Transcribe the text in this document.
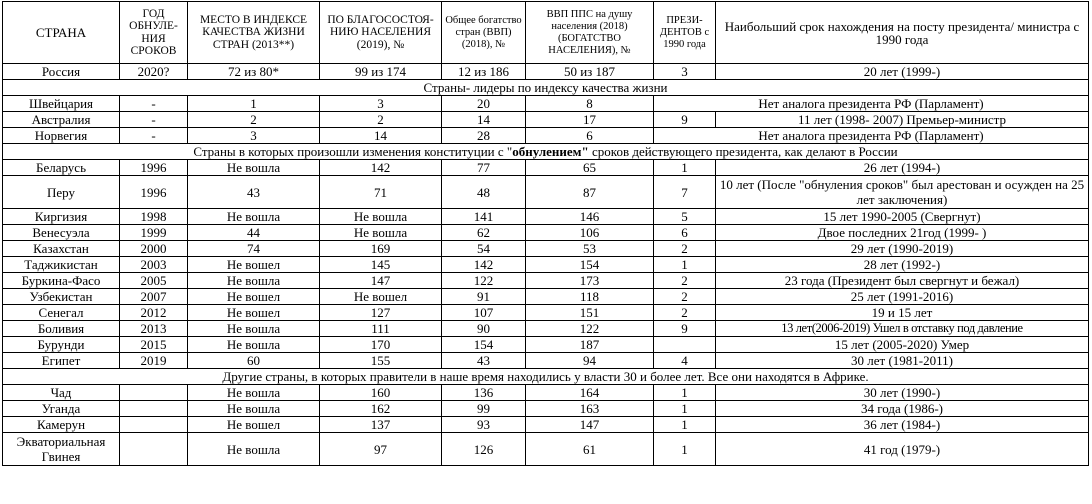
СТРАНА	ГОД ОБНУЛЕ-НИЯ СРОКОВ	МЕСТО В ИНДЕКСЕ КАЧЕСТВА ЖИЗНИ СТРАН (2013**)	ПО БЛАГОСОСТОЯ-НИЮ НАСЕЛЕНИЯ (2019), №	Общее богатство стран (ВВП) (2018), №	ВВП ППС на душу населения (2018) (БОГАТСТВО НАСЕЛЕНИЯ), №	ПРЕЗИ-ДЕНТОВ с 1990 года	Наибольший срок нахождения на посту президента/ министра с 1990 года
Россия	2020?	72 из 80*	99 из 174	12 из 186	50 из 187	3	20 лет (1999-)
Страны- лидеры по индексу качества жизни							
Швейцария	-	1	3	20	8	Нет аналога президента РФ (Парламент)	
Австралия	-	2	2	14	17	9	11 лет (1998- 2007) Премьер-министр
Норвегия	-	3	14	28	6	Нет аналога президента РФ (Парламент)	
Страны в которых произошли изменения конституции с "обнулением" сроков действующего президента, как делают в России							
Беларусь	1996	Не вошла	142	77	65	1	26 лет (1994-)
Перу	1996	43	71	48	87	7	10 лет (После "обнуления сроков" был арестован и осужден на 25 лет заключения)
Киргизия	1998	Не вошла	Не вошла	141	146	5	15 лет 1990-2005 (Свергнут)
Венесуэла	1999	44	Не вошла	62	106	6	Двое последних 21год (1999- )
Казахстан	2000	74	169	54	53	2	29 лет (1990-2019)
Таджикистан	2003	Не вошел	145	142	154	1	28 лет (1992-)
Буркина-Фасо	2005	Не вошла	147	122	173	2	23 года (Президент был свергнут и бежал)
Узбекистан	2007	Не вошел	Не вошел	91	118	2	25 лет (1991-2016)
Сенегал	2012	Не вошел	127	107	151	2	19 и 15 лет
Боливия	2013	Не вошла	111	90	122	9	13 лет(2006-2019) Ушел в отставку под давление
Бурунди	2015	Не вошла	170	154	187		15 лет (2005-2020) Умер
Египет	2019	60	155	43	94	4	30 лет (1981-2011)
Другие страны, в которых правители в наше время находились у власти 30 и более лет. Все они находятся в Африке.							
Чад		Не вошла	160	136	164	1	30 лет (1990-)
Уганда		Не вошла	162	99	163	1	34 года (1986-)
Камерун		Не вошел	137	93	147	1	36 лет (1984-)
Экваториальная Гвинея		Не вошла	97	126	61	1	41 год (1979-)
